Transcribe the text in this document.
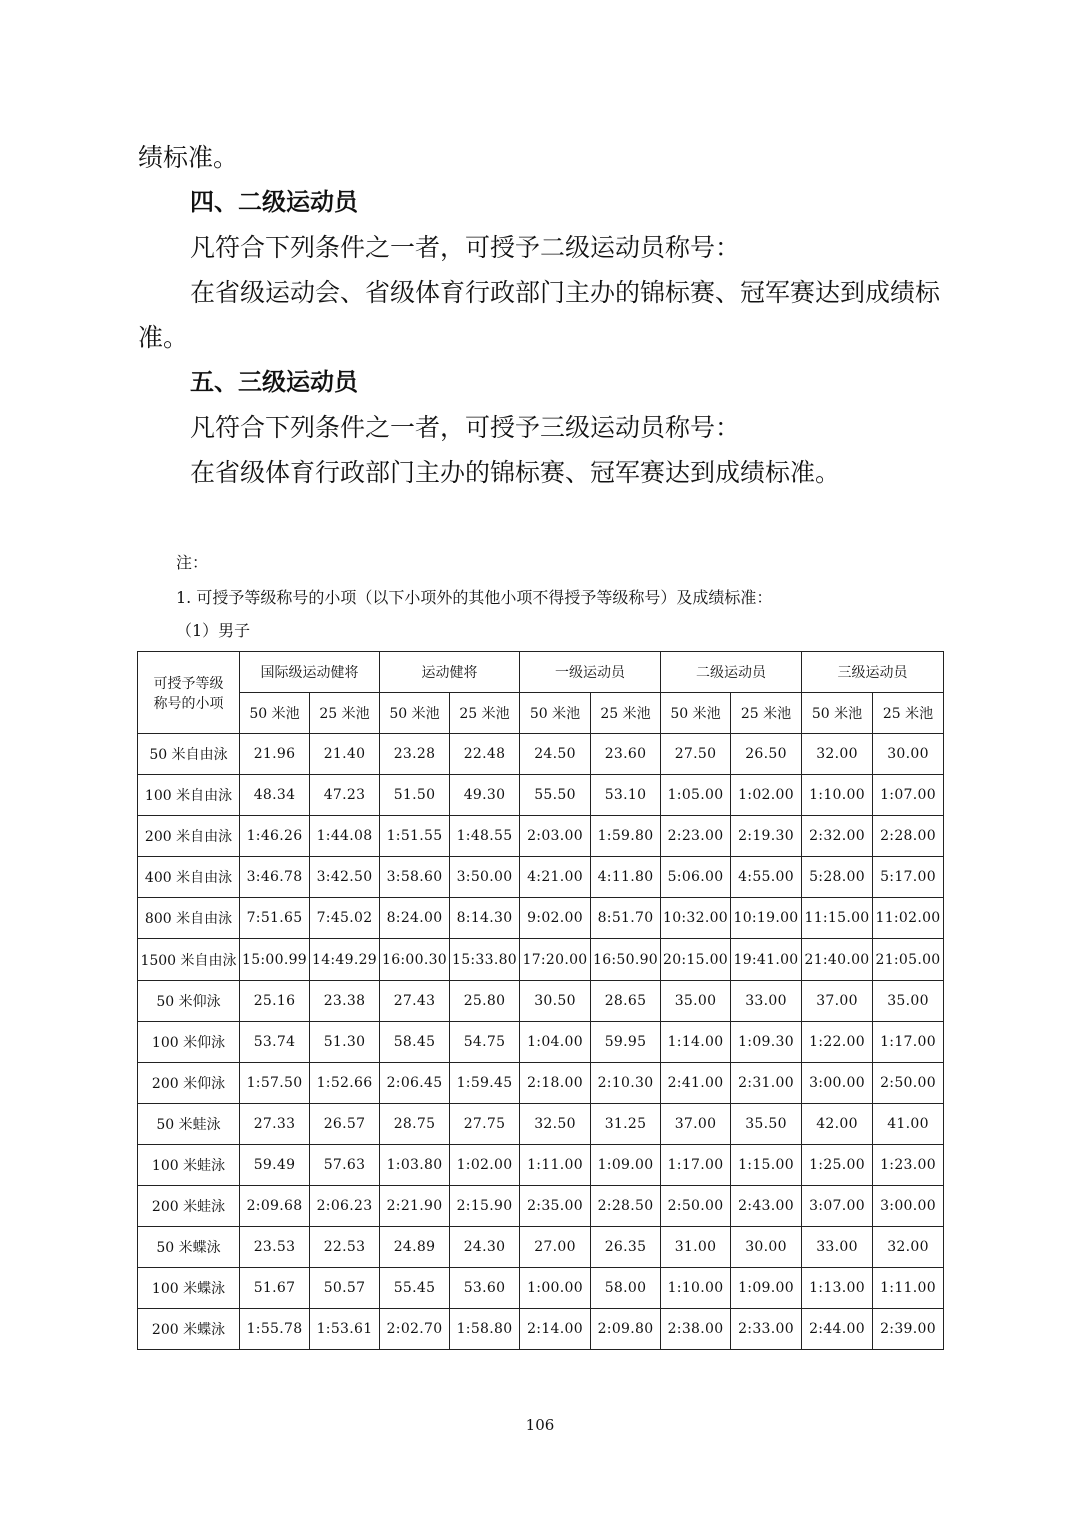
绩标准。
四、二级运动员
凡符合下列条件之一者，可授予二级运动员称号：
在省级运动会、省级体育行政部门主办的锦标赛、冠军赛达到成绩标
准。
五、三级运动员
凡符合下列条件之一者，可授予三级运动员称号：
在省级体育行政部门主办的锦标赛、冠军赛达到成绩标准。
注：
1. 可授予等级称号的小项（以下小项外的其他小项不得授予等级称号）及成绩标准：
（1）男子
可授予等级
称号的小项	国际级运动健将		运动健将		一级运动员		二级运动员		三级运动员	
	50 米池	25 米池	50 米池	25 米池	50 米池	25 米池	50 米池	25 米池	50 米池	25 米池
50 米自由泳	21.96	21.40	23.28	22.48	24.50	23.60	27.50	26.50	32.00	30.00
100 米自由泳	48.34	47.23	51.50	49.30	55.50	53.10	1:05.00	1:02.00	1:10.00	1:07.00
200 米自由泳	1:46.26	1:44.08	1:51.55	1:48.55	2:03.00	1:59.80	2:23.00	2:19.30	2:32.00	2:28.00
400 米自由泳	3:46.78	3:42.50	3:58.60	3:50.00	4:21.00	4:11.80	5:06.00	4:55.00	5:28.00	5:17.00
800 米自由泳	7:51.65	7:45.02	8:24.00	8:14.30	9:02.00	8:51.70	10:32.00	10:19.00	11:15.00	11:02.00
1500 米自由泳	15:00.99	14:49.29	16:00.30	15:33.80	17:20.00	16:50.90	20:15.00	19:41.00	21:40.00	21:05.00
50 米仰泳	25.16	23.38	27.43	25.80	30.50	28.65	35.00	33.00	37.00	35.00
100 米仰泳	53.74	51.30	58.45	54.75	1:04.00	59.95	1:14.00	1:09.30	1:22.00	1:17.00
200 米仰泳	1:57.50	1:52.66	2:06.45	1:59.45	2:18.00	2:10.30	2:41.00	2:31.00	3:00.00	2:50.00
50 米蛙泳	27.33	26.57	28.75	27.75	32.50	31.25	37.00	35.50	42.00	41.00
100 米蛙泳	59.49	57.63	1:03.80	1:02.00	1:11.00	1:09.00	1:17.00	1:15.00	1:25.00	1:23.00
200 米蛙泳	2:09.68	2:06.23	2:21.90	2:15.90	2:35.00	2:28.50	2:50.00	2:43.00	3:07.00	3:00.00
50 米蝶泳	23.53	22.53	24.89	24.30	27.00	26.35	31.00	30.00	33.00	32.00
100 米蝶泳	51.67	50.57	55.45	53.60	1:00.00	58.00	1:10.00	1:09.00	1:13.00	1:11.00
200 米蝶泳	1:55.78	1:53.61	2:02.70	1:58.80	2:14.00	2:09.80	2:38.00	2:33.00	2:44.00	2:39.00
106
